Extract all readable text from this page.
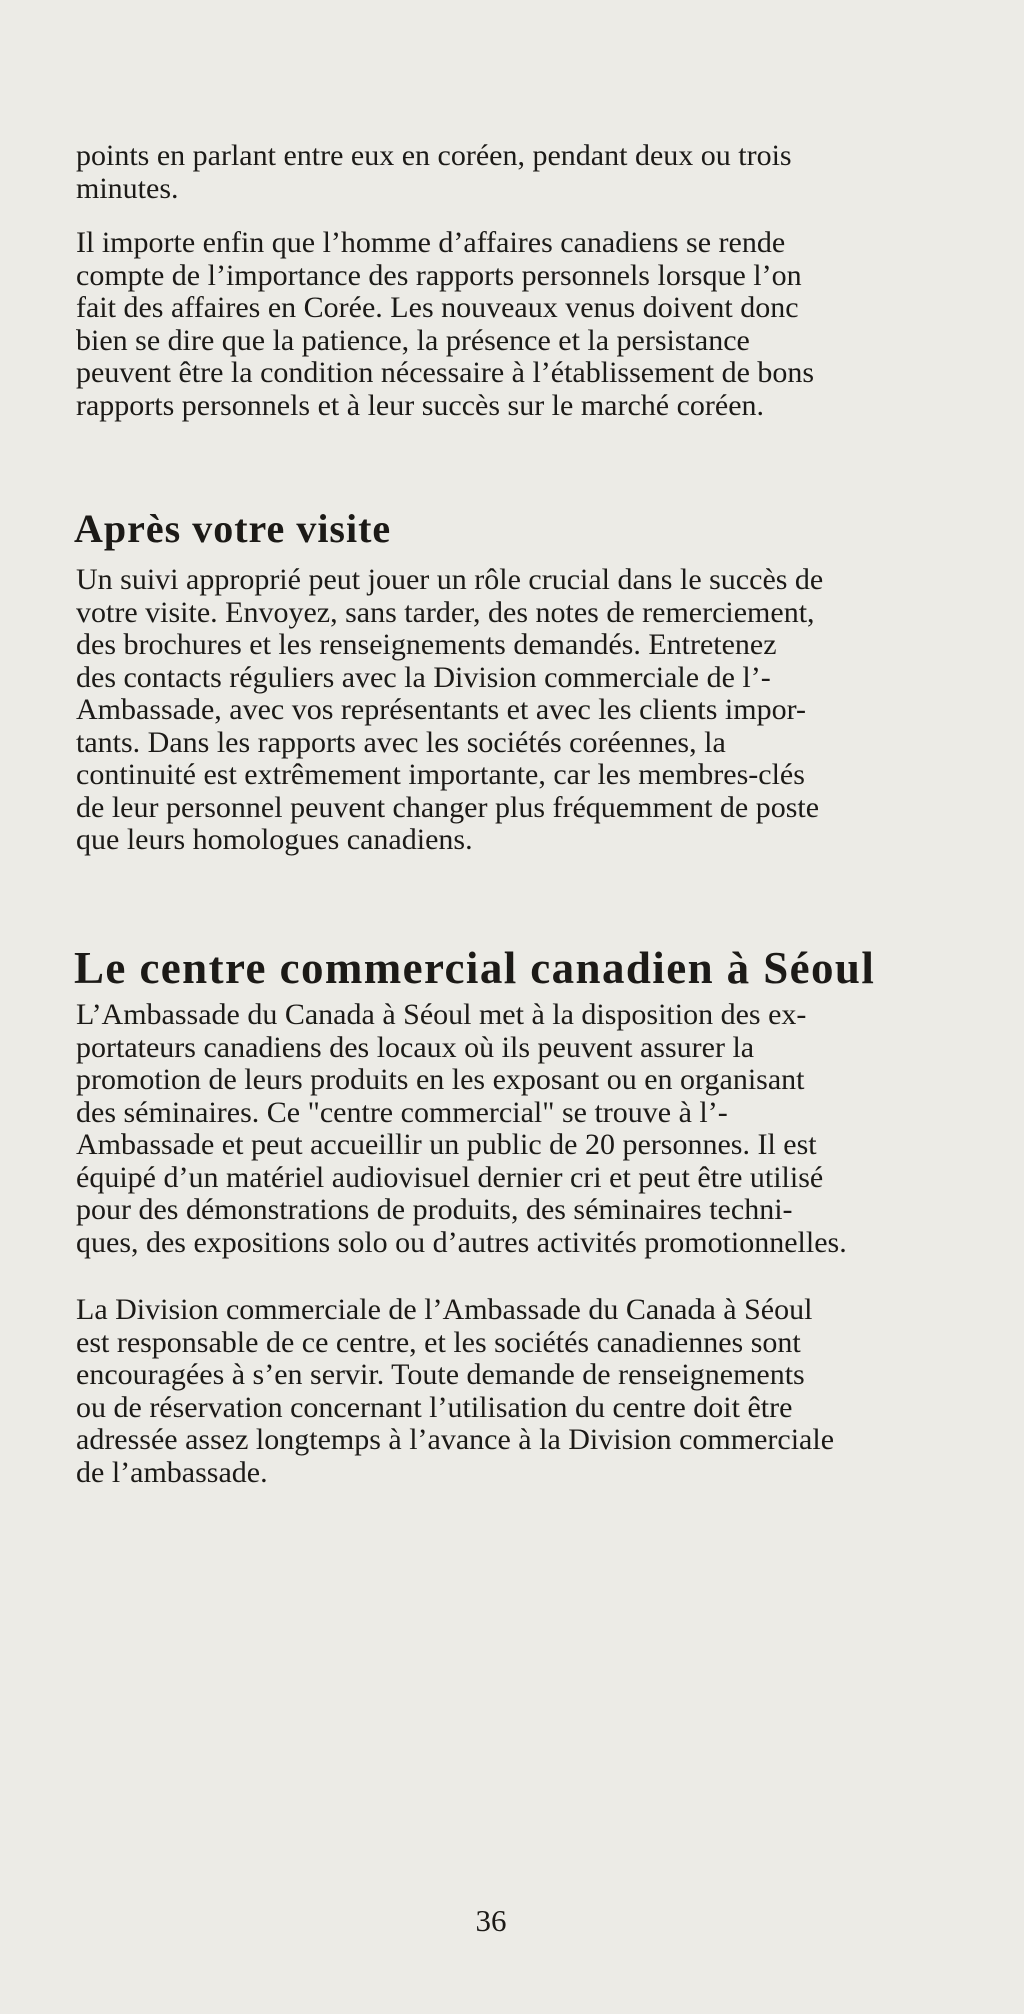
points en parlant entre eux en coréen, pendant deux ou trois
minutes.

Il importe enfin que l’homme d’affaires canadiens se rende
compte de l’importance des rapports personnels lorsque l’on
fait des affaires en Corée. Les nouveaux venus doivent donc
bien se dire que la patience, la présence et la persistance
peuvent être la condition nécessaire à l’établissement de bons
rapports personnels et à leur succès sur le marché coréen.

Après votre visite

Un suivi approprié peut jouer un rôle crucial dans le succès de
votre visite. Envoyez, sans tarder, des notes de remerciement,
des brochures et les renseignements demandés. Entretenez
des contacts réguliers avec la Division commerciale de l’-
Ambassade, avec vos représentants et avec les clients impor-
tants. Dans les rapports avec les sociétés coréennes, la
continuité est extrêmement importante, car les membres-clés
de leur personnel peuvent changer plus fréquemment de poste
que leurs homologues canadiens.

Le centre commercial canadien à Séoul

L’Ambassade du Canada à Séoul met à la disposition des ex-
portateurs canadiens des locaux où ils peuvent assurer la
promotion de leurs produits en les exposant ou en organisant
des séminaires. Ce "centre commercial" se trouve à l’-
Ambassade et peut accueillir un public de 20 personnes. Il est
équipé d’un matériel audiovisuel dernier cri et peut être utilisé
pour des démonstrations de produits, des séminaires techni-
ques, des expositions solo ou d’autres activités promotionnelles.

La Division commerciale de l’Ambassade du Canada à Séoul
est responsable de ce centre, et les sociétés canadiennes sont
encouragées à s’en servir. Toute demande de renseignements
ou de réservation concernant l’utilisation du centre doit être
adressée assez longtemps à l’avance à la Division commerciale
de l’ambassade.

36
